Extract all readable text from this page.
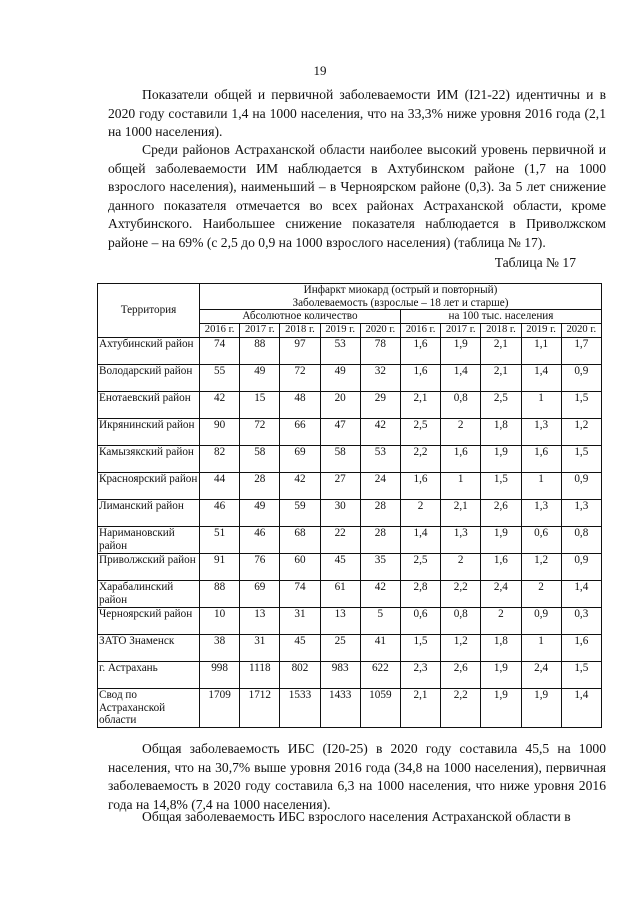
19

Показатели общей и первичной заболеваемости ИМ (I21-22) идентичны и в 2020 году составили 1,4 на 1000 населения, что на 33,3% ниже уровня 2016 года (2,1 на 1000 населения).

Среди районов Астраханской области наиболее высокий уровень первичной и общей заболеваемости ИМ наблюдается в Ахтубинском районе (1,7 на 1000 взрослого населения), наименьший – в Черноярском районе (0,3). За 5 лет снижение данного показателя отмечается во всех районах Астраханской области, кроме Ахтубинского. Наибольшее снижение показателя наблюдается в Приволжском районе – на 69% (с 2,5 до 0,9 на 1000 взрослого населения) (таблица № 17).

Таблица № 17
Территория	Инфаркт миокард (острый и повторный)
Заболеваемость (взрослые – 18 лет и старше)									

	Абсолютное количество					на 100 тыс. населения				
	2016 г.	2017 г.	2018 г.	2019 г.	2020 г.	2016 г.	2017 г.	2018 г.	2019 г.	2020 г.
Ахтубинский район	74	88	97	53	78	1,6	1,9	2,1	1,1	1,7
Володарский район	55	49	72	49	32	1,6	1,4	2,1	1,4	0,9
Енотаевский район	42	15	48	20	29	2,1	0,8	2,5	1	1,5
Икрянинский район	90	72	66	47	42	2,5	2	1,8	1,3	1,2
Камызякский район	82	58	69	58	53	2,2	1,6	1,9	1,6	1,5
Красноярский район	44	28	42	27	24	1,6	1	1,5	1	0,9
Лиманский район	46	49	59	30	28	2	2,1	2,6	1,3	1,3
Наримановский район	51	46	68	22	28	1,4	1,3	1,9	0,6	0,8
Приволжский район	91	76	60	45	35	2,5	2	1,6	1,2	0,9
Харабалинский район	88	69	74	61	42	2,8	2,2	2,4	2	1,4
Черноярский район	10	13	31	13	5	0,6	0,8	2	0,9	0,3
ЗАТО Знаменск	38	31	45	25	41	1,5	1,2	1,8	1	1,6
г. Астрахань	998	1118	802	983	622	2,3	2,6	1,9	2,4	1,5
Свод по Астраханской области	1709	1712	1533	1433	1059	2,1	2,2	1,9	1,9	1,4

Общая заболеваемость ИБС (I20-25) в 2020 году составила 45,5 на 1000 населения, что на 30,7% выше уровня 2016 года (34,8 на 1000 населения), первичная заболеваемость в 2020 году составила 6,3 на 1000 населения, что ниже уровня 2016 года на 14,8% (7,4 на 1000 населения).

Общая заболеваемость ИБС взрослого населения Астраханской области в
